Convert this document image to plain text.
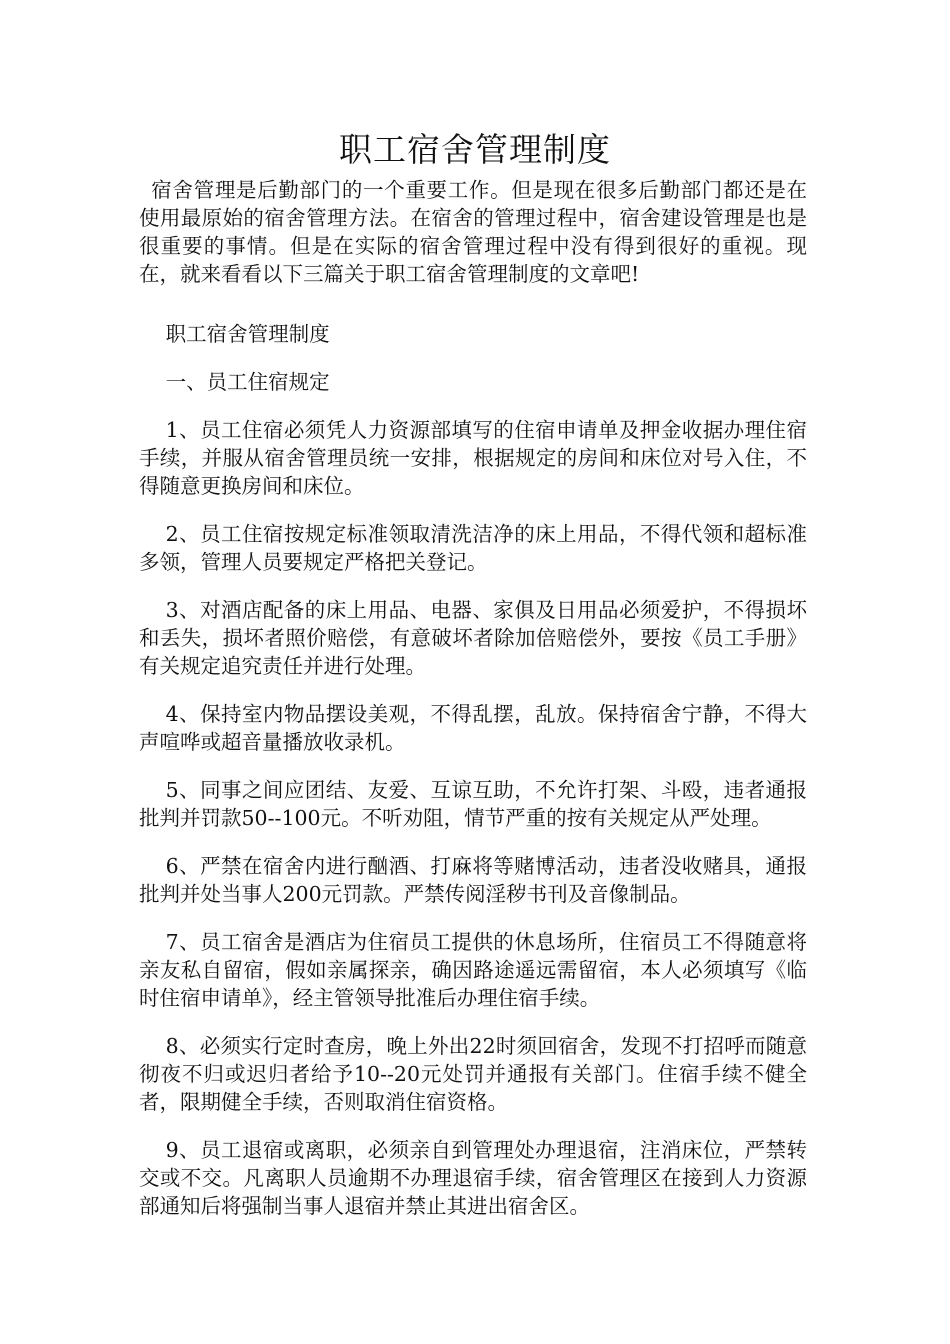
职工宿舍管理制度

宿舍管理是后勤部门的一个重要工作。但是现在很多后勤部门都还是在使用最原始的宿舍管理方法。在宿舍的管理过程中，宿舍建设管理是也是很重要的事情。但是在实际的宿舍管理过程中没有得到很好的重视。现在，就来看看以下三篇关于职工宿舍管理制度的文章吧!

职工宿舍管理制度

一、员工住宿规定

1、员工住宿必须凭人力资源部填写的住宿申请单及押金收据办理住宿手续，并服从宿舍管理员统一安排，根据规定的房间和床位对号入住，不得随意更换房间和床位。

2、员工住宿按规定标准领取清洗洁净的床上用品，不得代领和超标准多领，管理人员要规定严格把关登记。

3、对酒店配备的床上用品、电器、家俱及日用品必须爱护，不得损坏和丢失，损坏者照价赔偿，有意破坏者除加倍赔偿外，要按《员工手册》有关规定追究责任并进行处理。

4、保持室内物品摆设美观，不得乱摆，乱放。保持宿舍宁静，不得大声喧哗或超音量播放收录机。

5、同事之间应团结、友爱、互谅互助，不允许打架、斗殴，违者通报批判并罚款50--100元。不听劝阻，情节严重的按有关规定从严处理。

6、严禁在宿舍内进行酗酒、打麻将等赌博活动，违者没收赌具，通报批判并处当事人200元罚款。严禁传阅淫秽书刊及音像制品。

7、员工宿舍是酒店为住宿员工提供的休息场所，住宿员工不得随意将亲友私自留宿，假如亲属探亲，确因路途遥远需留宿，本人必须填写《临时住宿申请单》，经主管领导批准后办理住宿手续。

8、必须实行定时查房，晚上外出22时须回宿舍，发现不打招呼而随意彻夜不归或迟归者给予10--20元处罚并通报有关部门。住宿手续不健全者，限期健全手续，否则取消住宿资格。

9、员工退宿或离职，必须亲自到管理处办理退宿，注消床位，严禁转交或不交。凡离职人员逾期不办理退宿手续，宿舍管理区在接到人力资源部通知后将强制当事人退宿并禁止其进出宿舍区。
